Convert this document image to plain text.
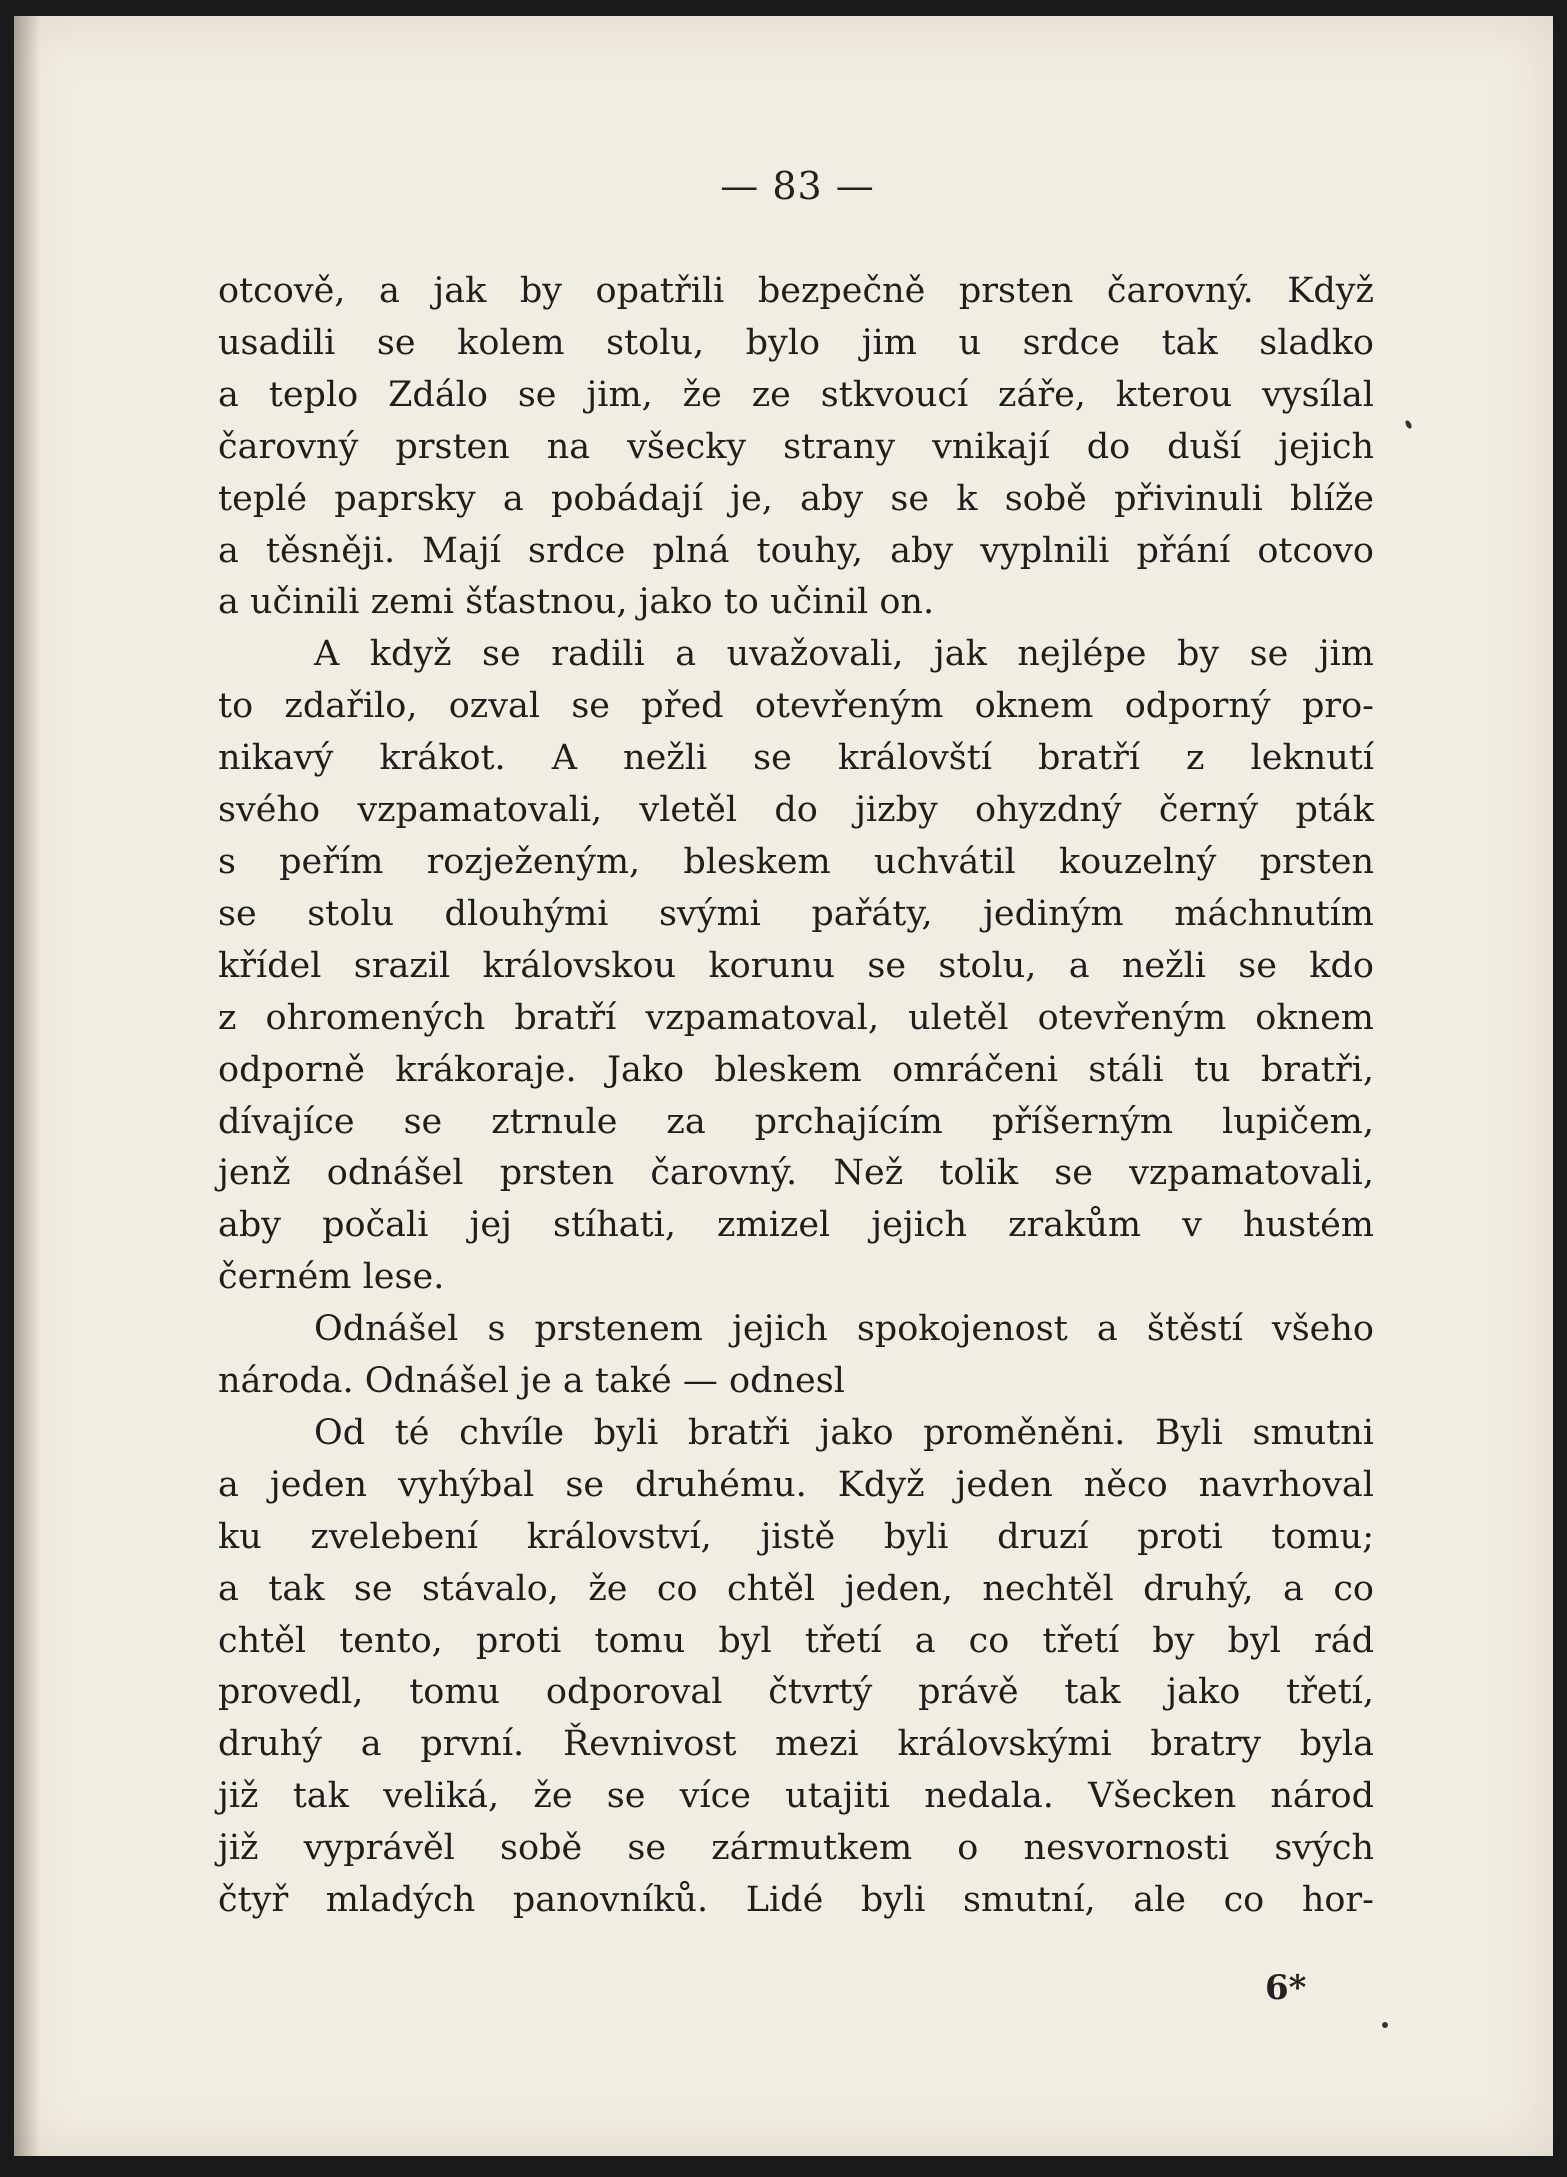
— 83 —
otcově, a jak by opatřili bezpečně prsten čarovný. Když
usadili se kolem stolu, bylo jim u srdce tak sladko
a teplo Zdálo se jim, že ze stkvoucí záře, kterou vysílal
čarovný prsten na všecky strany vnikají do duší jejich
teplé paprsky a pobádají je, aby se k sobě přivinuli blíže
a těsněji. Mají srdce plná touhy, aby vyplnili přání otcovo
a učinili zemi šťastnou, jako to učinil on.
A když se radili a uvažovali, jak nejlépe by se jim
to zdařilo, ozval se před otevřeným oknem odporný pro-
nikavý krákot. A nežli se královští bratří z leknutí
svého vzpamatovali, vletěl do jizby ohyzdný černý pták
s peřím rozježeným, bleskem uchvátil kouzelný prsten
se stolu dlouhými svými pařáty, jediným máchnutím
křídel srazil královskou korunu se stolu, a nežli se kdo
z ohromených bratří vzpamatoval, uletěl otevřeným oknem
odporně krákoraje. Jako bleskem omráčeni stáli tu bratři,
dívajíce se ztrnule za prchajícím příšerným lupičem,
jenž odnášel prsten čarovný. Než tolik se vzpamatovali,
aby počali jej stíhati, zmizel jejich zrakům v hustém
černém lese.
Odnášel s prstenem jejich spokojenost a štěstí všeho
národa. Odnášel je a také — odnesl
Od té chvíle byli bratři jako proměněni. Byli smutni
a jeden vyhýbal se druhému. Když jeden něco navrhoval
ku zvelebení království, jistě byli druzí proti tomu;
a tak se stávalo, že co chtěl jeden, nechtěl druhý, a co
chtěl tento, proti tomu byl třetí a co třetí by byl rád
provedl, tomu odporoval čtvrtý právě tak jako třetí,
druhý a první. Řevnivost mezi královskými bratry byla
již tak veliká, že se více utajiti nedala. Všecken národ
již vyprávěl sobě se zármutkem o nesvornosti svých
čtyř mladých panovníků. Lidé byli smutní, ale co hor-
6*
